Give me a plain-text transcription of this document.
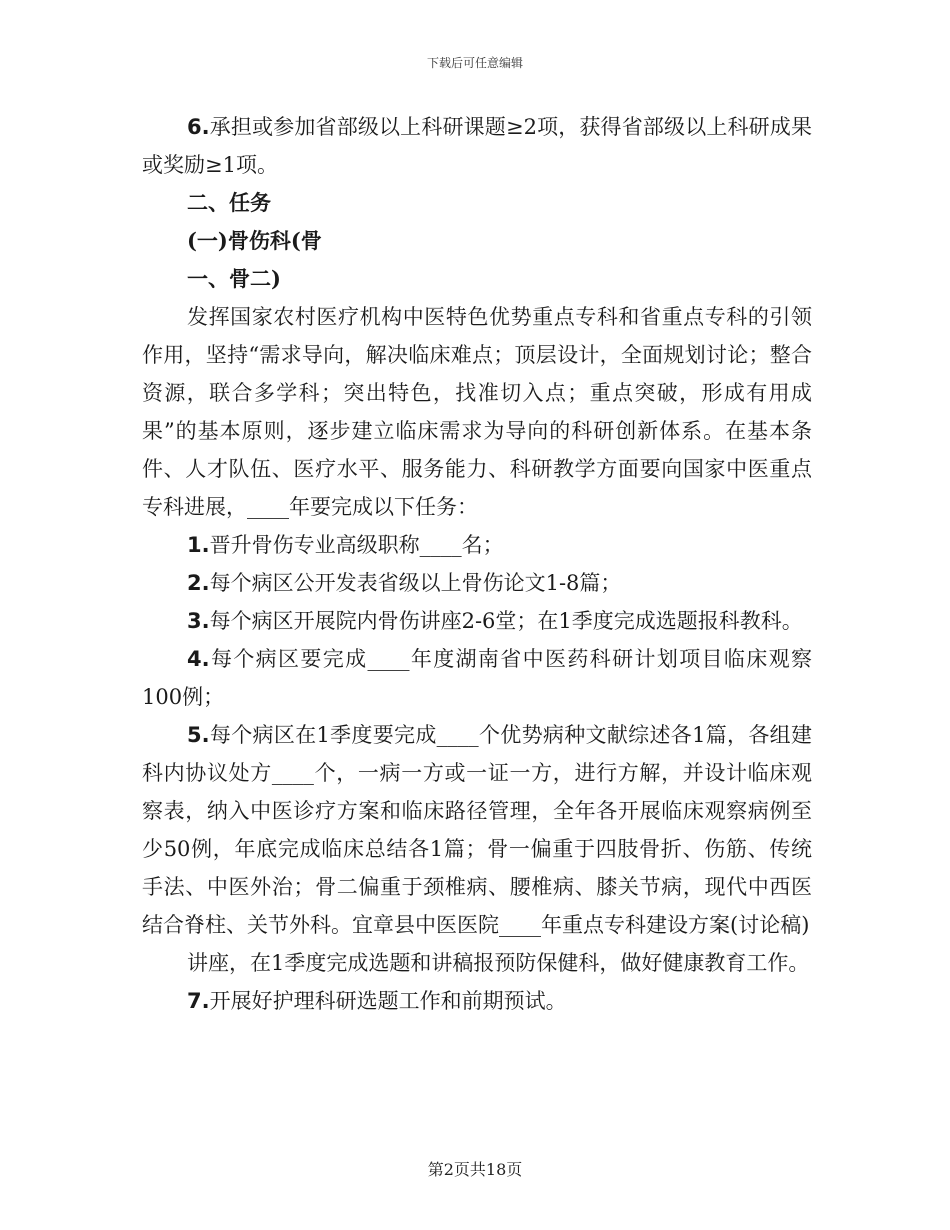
下载后可任意编辑

6.承担或参加省部级以上科研课题≥2项，获得省部级以上科研成果或奖励≥1项。

二、任务

(一)骨伤科(骨

一、骨二)

发挥国家农村医疗机构中医特色优势重点专科和省重点专科的引领作用，坚持“需求导向，解决临床难点；顶层设计，全面规划讨论；整合资源，联合多学科；突出特色，找准切入点；重点突破，形成有用成果”的基本原则，逐步建立临床需求为导向的科研创新体系。在基本条件、人才队伍、医疗水平、服务能力、科研教学方面要向国家中医重点专科进展，____年要完成以下任务：

1.晋升骨伤专业高级职称____名；

2.每个病区公开发表省级以上骨伤论文1-8篇；

3.每个病区开展院内骨伤讲座2-6堂；在1季度完成选题报科教科。

4.每个病区要完成____年度湖南省中医药科研计划项目临床观察100例；

5.每个病区在1季度要完成____个优势病种文献综述各1篇，各组建科内协议处方____个，一病一方或一证一方，进行方解，并设计临床观察表，纳入中医诊疗方案和临床路径管理，全年各开展临床观察病例至少50例，年底完成临床总结各1篇；骨一偏重于四肢骨折、伤筋、传统手法、中医外治；骨二偏重于颈椎病、腰椎病、膝关节病，现代中西医结合脊柱、关节外科。宜章县中医医院____年重点专科建设方案(讨论稿)

讲座，在1季度完成选题和讲稿报预防保健科，做好健康教育工作。

7.开展好护理科研选题工作和前期预试。

第2页共18页
